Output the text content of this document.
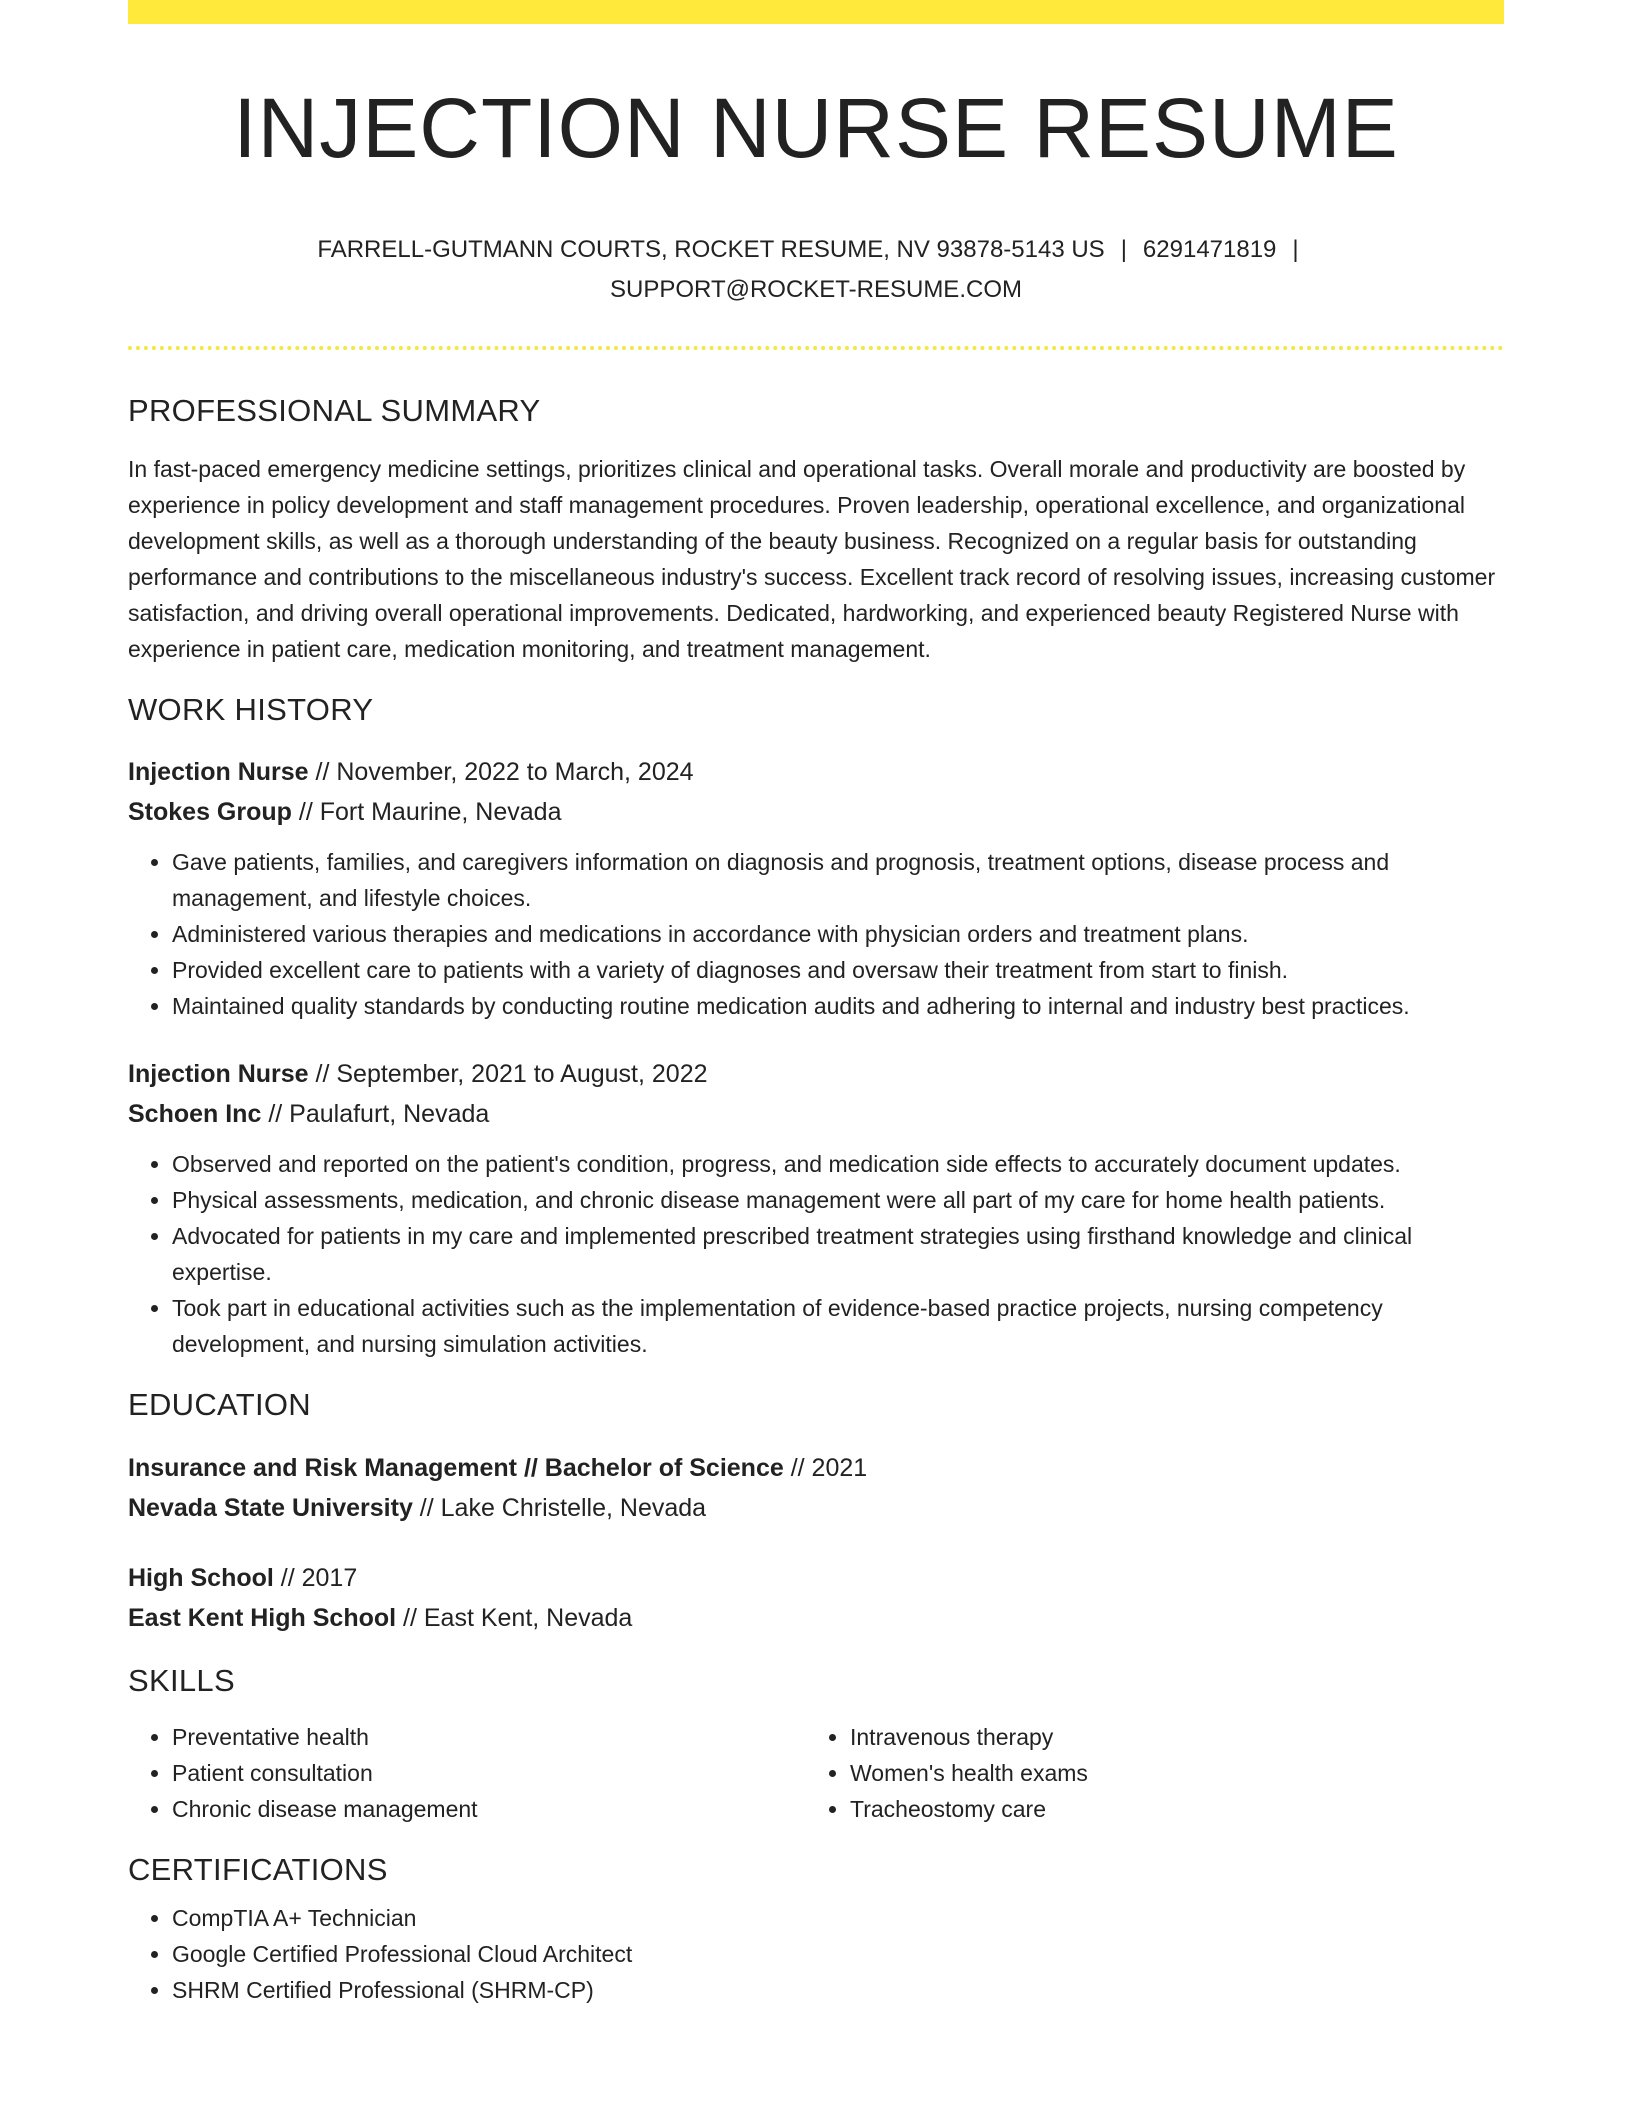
INJECTION NURSE RESUME
FARRELL-GUTMANN COURTS, ROCKET RESUME, NV 93878-5143 US | 6291471819 |
SUPPORT@ROCKET-RESUME.COM
PROFESSIONAL SUMMARY
In fast-paced emergency medicine settings, prioritizes clinical and operational tasks. Overall morale and productivity are boosted by experience in policy development and staff management procedures. Proven leadership, operational excellence, and organizational development skills, as well as a thorough understanding of the beauty business. Recognized on a regular basis for outstanding performance and contributions to the miscellaneous industry's success. Excellent track record of resolving issues, increasing customer satisfaction, and driving overall operational improvements. Dedicated, hardworking, and experienced beauty Registered Nurse with experience in patient care, medication monitoring, and treatment management.
WORK HISTORY
Injection Nurse // November, 2022 to March, 2024
Stokes Group // Fort Maurine, Nevada
• Gave patients, families, and caregivers information on diagnosis and prognosis, treatment options, disease process and management, and lifestyle choices.
• Administered various therapies and medications in accordance with physician orders and treatment plans.
• Provided excellent care to patients with a variety of diagnoses and oversaw their treatment from start to finish.
• Maintained quality standards by conducting routine medication audits and adhering to internal and industry best practices.
Injection Nurse // September, 2021 to August, 2022
Schoen Inc // Paulafurt, Nevada
• Observed and reported on the patient's condition, progress, and medication side effects to accurately document updates.
• Physical assessments, medication, and chronic disease management were all part of my care for home health patients.
• Advocated for patients in my care and implemented prescribed treatment strategies using firsthand knowledge and clinical expertise.
• Took part in educational activities such as the implementation of evidence-based practice projects, nursing competency development, and nursing simulation activities.
EDUCATION
Insurance and Risk Management // Bachelor of Science // 2021
Nevada State University // Lake Christelle, Nevada
High School // 2017
East Kent High School // East Kent, Nevada
SKILLS
• Preventative health
• Patient consultation
• Chronic disease management
• Intravenous therapy
• Women's health exams
• Tracheostomy care
CERTIFICATIONS
• CompTIA A+ Technician
• Google Certified Professional Cloud Architect
• SHRM Certified Professional (SHRM-CP)
